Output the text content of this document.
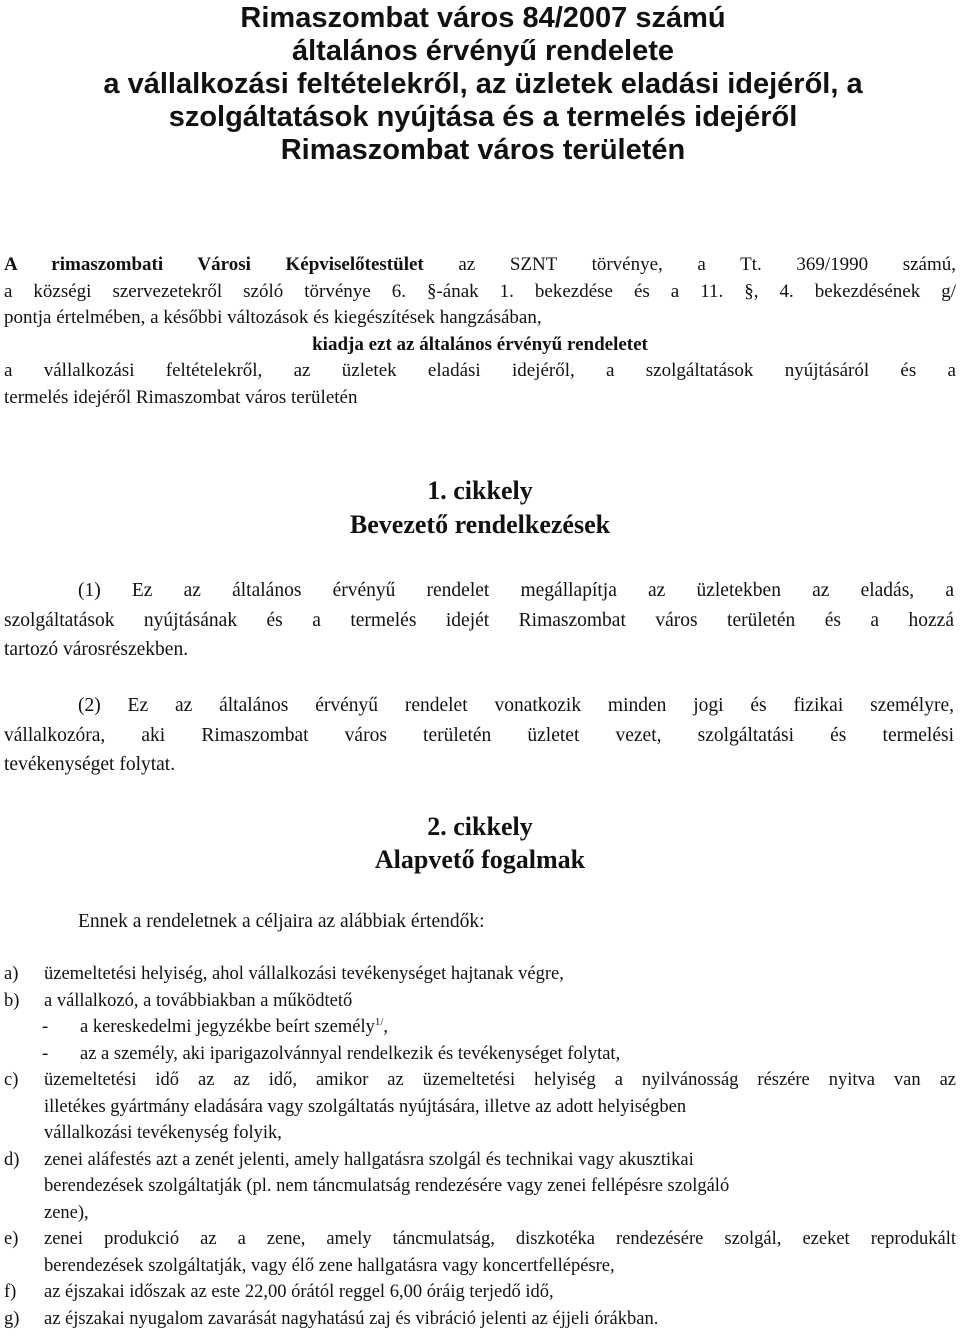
Rimaszombat város 84/2007 számú
általános érvényű rendelete
a vállalkozási feltételekről, az üzletek eladási idejéről, a
szolgáltatások nyújtása és a termelés idejéről
Rimaszombat város területén
A rimaszombati Városi Képviselőtestület az SZNT törvénye, a Tt. 369/1990 számú,
a községi szervezetekről szóló törvénye 6. §-ának 1. bekezdése és a 11. §, 4. bekezdésének g/
pontja értelmében, a későbbi változások és kiegészítések hangzásában,
kiadja ezt az általános érvényű rendeletet
a vállalkozási feltételekről, az üzletek eladási idejéről, a szolgáltatások nyújtásáról és a
termelés idejéről Rimaszombat város területén
1. cikkely
Bevezető rendelkezések
(1) Ez az általános érvényű rendelet megállapítja az üzletekben az eladás, a
szolgáltatások nyújtásának és a termelés idejét Rimaszombat város területén és a hozzá
tartozó városrészekben.
(2) Ez az általános érvényű rendelet vonatkozik minden jogi és fizikai személyre,
vállalkozóra, aki Rimaszombat város területén üzletet vezet, szolgáltatási és termelési
tevékenységet folytat.
2. cikkely
Alapvető fogalmak
Ennek a rendeletnek a céljaira az alábbiak értendők:
a)	üzemeltetési helyiség, ahol vállalkozási tevékenységet hajtanak végre,
b)	a vállalkozó, a továbbiakban a működtető
-	a kereskedelmi jegyzékbe beírt személy$^{1/}$,
-	az a személy, aki iparigazolvánnyal rendelkezik és tevékenységet folytat,
c)	üzemeltetési idő az az idő, amikor az üzemeltetési helyiség a nyilvánosság részére nyitva van az
illetékes gyártmány eladására vagy szolgáltatás nyújtására, illetve az adott helyiségben
vállalkozási tevékenység folyik,
d)	zenei aláfestés azt a zenét jelenti, amely hallgatásra szolgál és technikai vagy akusztikai
berendezések szolgáltatják (pl. nem táncmulatság rendezésére vagy zenei fellépésre szolgáló
zene),
e)	zenei produkció az a zene, amely táncmulatság, diszkotéka rendezésére szolgál, ezeket reprodukált
berendezések szolgáltatják, vagy élő zene hallgatásra vagy koncertfellépésre,
f)	az éjszakai időszak az este 22,00 órától reggel 6,00 óráig terjedő idő,
g)	az éjszakai nyugalom zavarását nagyhatású zaj és vibráció jelenti az éjjeli órákban.
